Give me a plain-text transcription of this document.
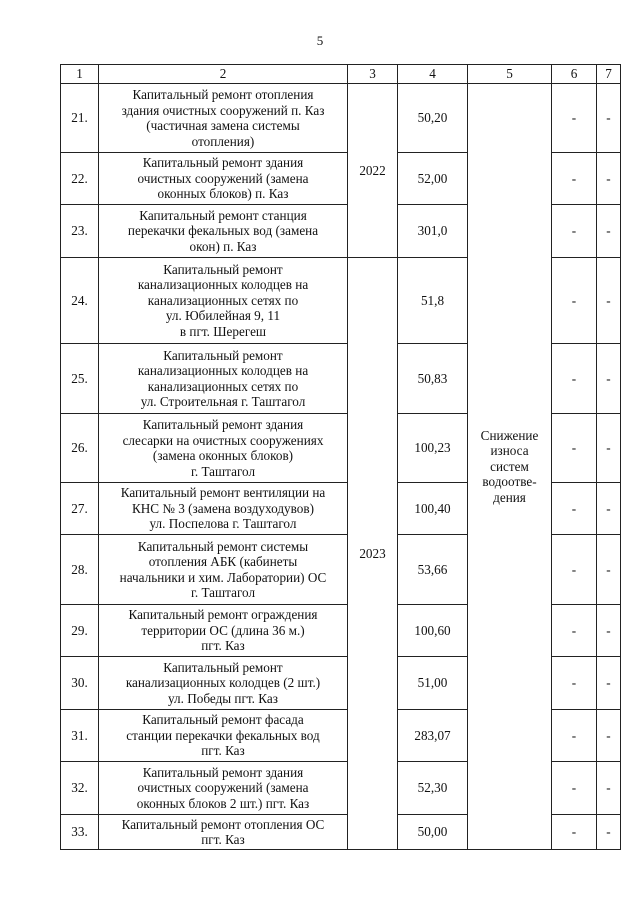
5
1	2	3	4	5	6	7
21.	Капитальный ремонт отопления
здания очистных сооружений п. Каз
(частичная замена системы
отопления)	2022	50,20	Снижение
износа
систем
водоотве-
дения	-	-
22.	Капитальный ремонт здания
очистных сооружений (замена
оконных блоков) п. Каз		52,00		-	-
23.	Капитальный ремонт станция
перекачки фекальных вод (замена
окон) п. Каз		301,0		-	-
24.	Капитальный ремонт
канализационных колодцев на
канализационных сетях по
ул. Юбилейная 9, 11
в пгт. Шерегеш	2023	51,8		-	-
25.	Капитальный ремонт
канализационных колодцев на
канализационных сетях по
ул. Строительная г. Таштагол		50,83		-	-
26.	Капитальный ремонт здания
слесарки на очистных сооружениях
(замена оконных блоков)
г. Таштагол		100,23		-	-
27.	Капитальный ремонт вентиляции на
КНС № 3 (замена воздуходувов)
ул. Поспелова г. Таштагол		100,40		-	-
28.	Капитальный ремонт системы
отопления АБК (кабинеты
начальники и хим. Лаборатории) ОС
г. Таштагол		53,66		-	-
29.	Капитальный ремонт ограждения
территории ОС (длина 36 м.)
пгт. Каз		100,60		-	-
30.	Капитальный ремонт
канализационных колодцев (2 шт.)
ул. Победы пгт. Каз		51,00		-	-
31.	Капитальный ремонт фасада
станции перекачки фекальных вод
пгт. Каз		283,07		-	-
32.	Капитальный ремонт здания
очистных сооружений (замена
оконных блоков 2 шт.) пгт. Каз		52,30		-	-
33.	Капитальный ремонт отопления ОС
пгт. Каз		50,00		-	-
